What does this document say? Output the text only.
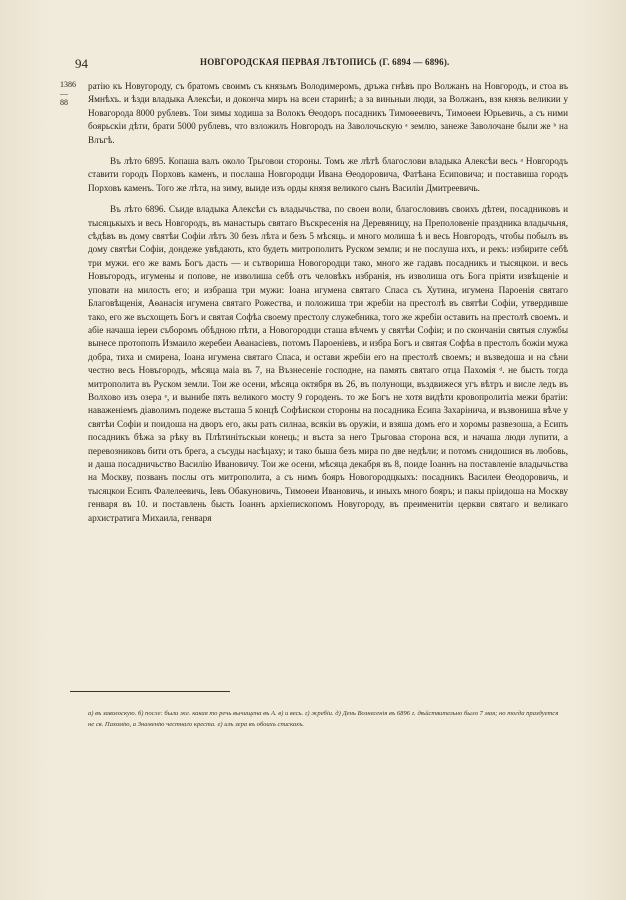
94	НОВГОРОДСКАЯ ПЕРВАЯ ЛѢТОПИСЬ (Г. 6894 — 6896).
1386 —88

ратію къ Новугороду, съ братомъ своимъ съ князьмъ Володимеромъ, дръжа гнѣвъ про Волжанъ на Новгородъ, и стоа въ Ямнѣхъ. и ѣзди владыка Алексѣи, и доконча миръ на всеи старинѣ; а за виньныи люди, за Волжанъ, взя князь великии у Новагорода 8000 рублевъ. Тои зимы ходиша за Волокъ Ѳеодоръ посадникъ Тимоѳеевичъ, Тимоѳеи Юрьевичь, а съ ними боярьскіи дѣти, брати 5000 рублевъ, что взложилъ Новгородъ на Заволочьскую ᵃ землю, занеже Заволочане были же ᵇ на Влъгѣ.

Въ лѣто 6895. Копаша валъ около Трьговои стороны. Томъ же лѣтѣ благослови владыка Алексѣи весь ᵃ Новгородъ ставити городъ Порховъ каменъ, и послаша Новгородци Ивана Ѳеодоровича, Фатѣана Есиповича; и поставиша городъ Порховъ каменъ. Того же лѣта, на зиму, выиде изъ орды князя великого сынъ Василіи Дмитреевичь.

Въ лѣто 6896. Съиде владыка Алексѣи съ владычьства, по своеи воли, благословивъ своихъ дѣтеи, посадниковъ и тысяцькыхъ и весь Новгородъ, въ манастырь святаго Въскресенія на Деревяницу, на Преполовеніе праздника владычьня, сѣдѣвъ въ дому святѣи Софіи лѣтъ 30 безъ лѣта и безъ 5 мѣсяць. и много молиша ѣ и весь Новгородъ, чтобы побылъ въ дому святѣи Софіи, дондеже увѣдають, кто будеть митрополитъ Руском земли; и не послуша ихъ, и рекъ: избирите себѣ три мужи. его же вамъ Богъ дасть — и сътвориша Новогородци тако, много же гадавъ посадникъ и тысяцкои. и весь Новъгородъ, игумены и попове, не изволиша себѣ отъ человѣкъ избранія, нъ изволиша отъ Бога пріяти извѣщеніе и уповати на милость его; и избраша три мужи: Іоана игумена святаго Спаса съ Хутина, игумена Пароенія святаго Благовѣщенія, Аѳанасія игумена святаго Рожества, и положиша три жребіи на престолѣ въ святѣи Софіи, утвердивше тако, его же въсхощеть Богъ и святая Софѣа своему престолу служебника, того же жребіи оставить на престолѣ своемъ. и абіе начаша іереи съборомъ обѣдною пѣти, а Новогородци сташа вѣчемъ у святѣи Софіи; и по скончаніи святыя службы вынесе протопопъ Измаило жеребеи Аѳанасіевъ, потомъ Пароеніевъ, и избра Богъ и святая Софѣа в престолъ божіи мужа добра, тиха и смирена, Іоана игумена святаго Спаса, и остави жребіи его на престолѣ своемъ; и възведоша и на сѣни честно весь Новъгородъ, мѣсяца маіа въ 7, на Възнесеніе господне, на память святаго отца Пахомія ᵈ. не бысть тогда митрополита въ Руском земли. Тои же осени, мѣсяца октября въ 26, въ полунощи, въздвижеся угъ вѣтръ и висле ледъ въ Волхово изъ озера ᵉ, и вынибе пять великого мосту 9 городенъ. то же Богъ не хотя видѣти кровопролитіа межи братіи: наваженіемъ діаволимъ подеже въсташа 5 концѣ Софѣискои стороны на посадника Есипа Захарінича, и възвониша вѣче у святѣи Софіи и поидоша на дворъ его, акы рать силнаа, всякіи въ оружіи, и взяша домъ его и хоромы развезоша, а Есипъ посадникъ бѣжа за рѣку въ Плѣтинітьскыи конець; и въста за него Трьговаа сторона вся, и начаша люди лупити, а перевозниковъ бити отъ брега, а съсуды насѣцаху; и тако быша безъ мира по две недѣли; и потомъ снидошися въ любовь, и даша посадничьство Василію Ивановичу. Тои же осени, мѣсяца декабря въ 8, поиде Іоаннъ на поставленіе владычьства на Москву, позванъ послы отъ митрополита, а съ нимъ бояръ Новогородцкыхъ: посадникъ Василеи Ѳеодоровичь, и тысяцкои Есипъ Фалелеевичь, Іевъ Обакуновичь, Тимоѳеи Ивановичь, и иныхъ много бояръ; и пакы пріидоша на Москву генваря въ 10. и поставлень бысть Іоаннъ архіепископомъ Новугороду, въ преименитіи церкви святаго и великаго архистратига Михаила, генваря

а) въ заволоскую. б) после: были же. какая то речь вычищена въ А. в) и весь. г) жребіи. д) День Вознесенія въ 6896 г. дѣйствительно было 7 мая; но тогда праздуется не св. Пахомію, а Знаменію честнаго креста. е) изъ зера въ обоихъ спискахъ.
